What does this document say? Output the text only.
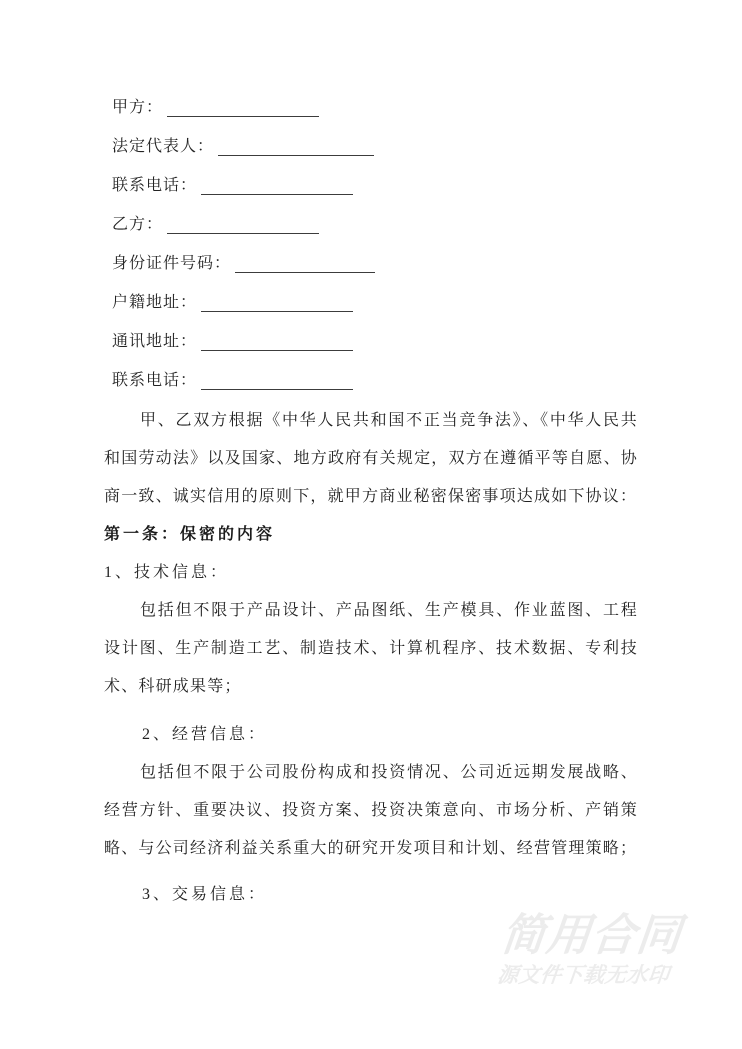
甲方：
法定代表人：
联系电话：
乙方：
身份证件号码：
户籍地址：
通讯地址：
联系电话：

甲、乙双方根据《中华人民共和国不正当竞争法》、《中华人民共和国劳动法》以及国家、地方政府有关规定，双方在遵循平等自愿、协商一致、诚实信用的原则下，就甲方商业秘密保密事项达成如下协议：

第一条：保密的内容

1、技术信息：

包括但不限于产品设计、产品图纸、生产模具、作业蓝图、工程设计图、生产制造工艺、制造技术、计算机程序、技术数据、专利技术、科研成果等；

2、经营信息：

包括但不限于公司股份构成和投资情况、公司近远期发展战略、经营方针、重要决议、投资方案、投资决策意向、市场分析、产销策略、与公司经济利益关系重大的研究开发项目和计划、经营管理策略；

3、交易信息：

简用合同
源文件下载无水印
